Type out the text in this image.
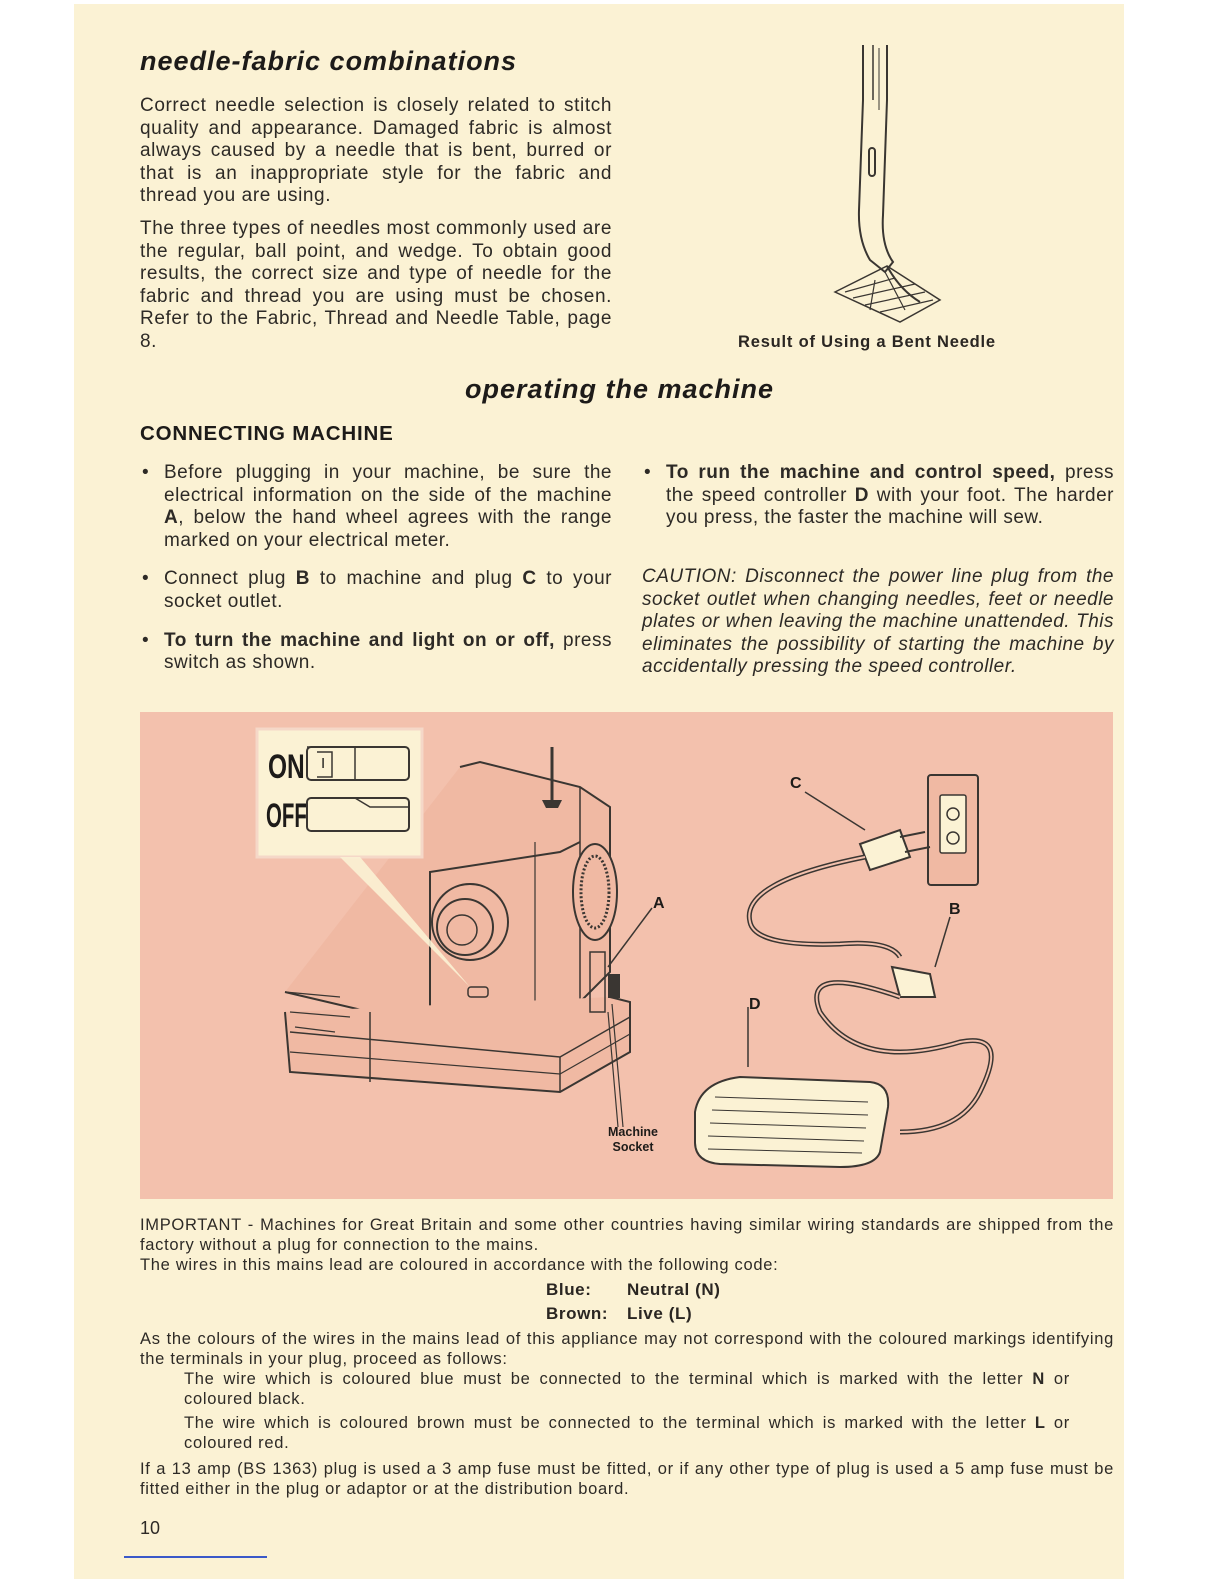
needle-fabric combinations
Correct needle selection is closely related to stitch quality and appearance. Damaged fabric is almost always caused by a needle that is bent, burred or that is an inappropriate style for the fabric and thread you are using.
The three types of needles most commonly used are the regular, ball point, and wedge. To obtain good results, the correct size and type of needle for the fabric and thread you are using must be chosen. Refer to the Fabric, Thread and Needle Table, page 8.	Result of Using a Bent Needle
operating the machine
CONNECTING MACHINE
• Before plugging in your machine, be sure the electrical information on the side of the machine A, below the hand wheel agrees with the range marked on your electrical meter.
• Connect plug B to machine and plug C to your socket outlet.
• To turn the machine and light on or off, press switch as shown.
• To run the machine and control speed, press the speed controller D with your foot. The harder you press, the faster the machine will sew.
CAUTION: Disconnect the power line plug from the socket outlet when changing needles, feet or needle plates or when leaving the machine unattended. This eliminates the possibility of starting the machine by accidentally pressing the speed controller.
ON I
OFF
A	B
C
D
Machine
Socket
IMPORTANT - Machines for Great Britain and some other countries having similar wiring standards are shipped from the factory without a plug for connection to the mains.
The wires in this mains lead are coloured in accordance with the following code:
Blue:	Neutral (N)
Brown:	Live (L)
As the colours of the wires in the mains lead of this appliance may not correspond with the coloured markings identifying the terminals in your plug, proceed as follows:
The wire which is coloured blue must be connected to the terminal which is marked with the letter N or coloured black.
The wire which is coloured brown must be connected to the terminal which is marked with the letter L or coloured red.
If a 13 amp (BS 1363) plug is used a 3 amp fuse must be fitted, or if any other type of plug is used a 5 amp fuse must be fitted either in the plug or adaptor or at the distribution board.
10
